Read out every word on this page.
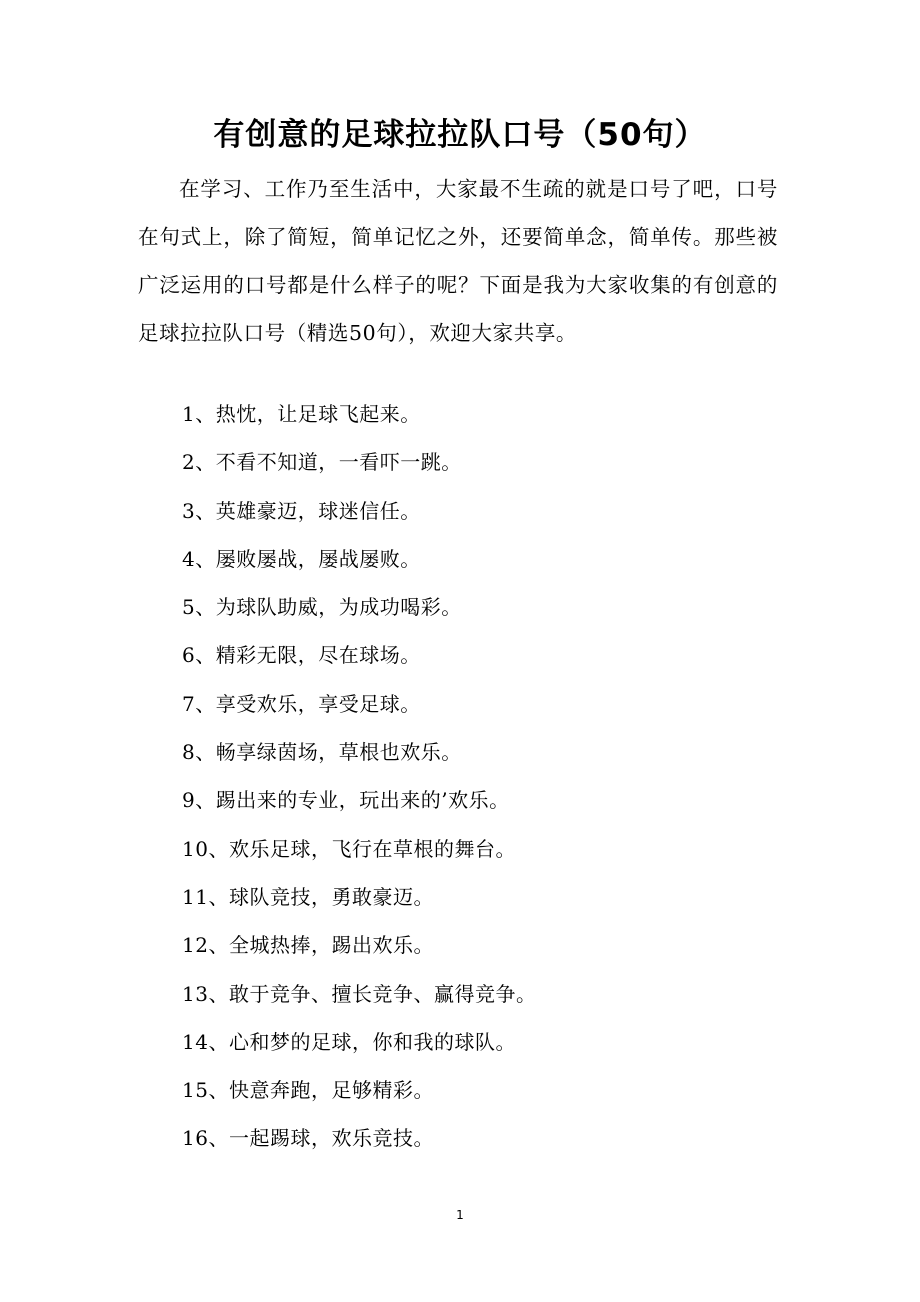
有创意的足球拉拉队口号（50句）

在学习、工作乃至生活中，大家最不生疏的就是口号了吧，口号在句式上，除了简短，简单记忆之外，还要简单念，简单传。那些被广泛运用的口号都是什么样子的呢？下面是我为大家收集的有创意的足球拉拉队口号（精选50句），欢迎大家共享。

1、热忱，让足球飞起来。
2、不看不知道，一看吓一跳。
3、英雄豪迈，球迷信任。
4、屡败屡战，屡战屡败。
5、为球队助威，为成功喝彩。
6、精彩无限，尽在球场。
7、享受欢乐，享受足球。
8、畅享绿茵场，草根也欢乐。
9、踢出来的专业，玩出来的’欢乐。
10、欢乐足球，飞行在草根的舞台。
11、球队竞技，勇敢豪迈。
12、全城热捧，踢出欢乐。
13、敢于竞争、擅长竞争、赢得竞争。
14、心和梦的足球，你和我的球队。
15、快意奔跑，足够精彩。
16、一起踢球，欢乐竞技。
1
